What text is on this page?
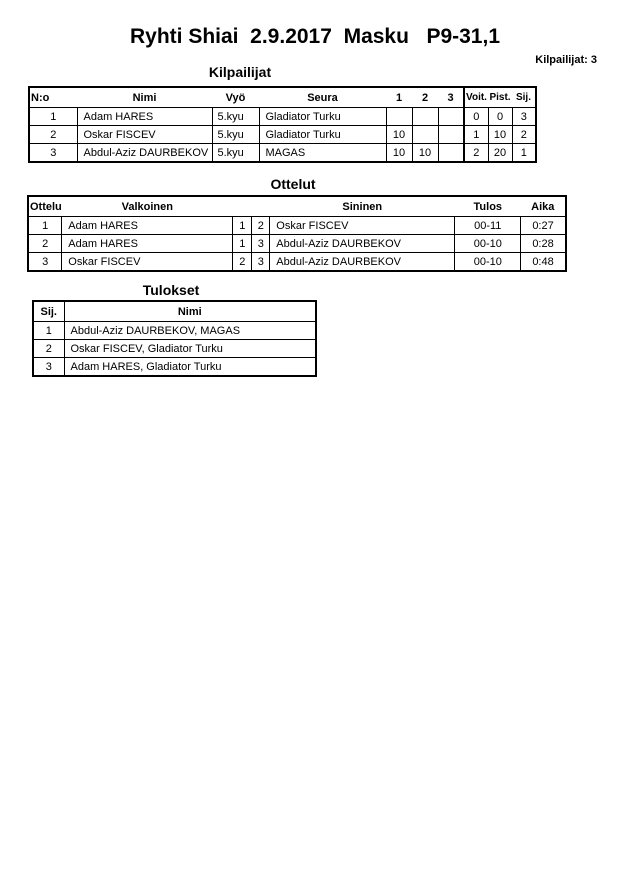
Ryhti Shiai  2.9.2017  Masku   P9-31,1
Kilpailijat: 3
Kilpailijat
N:o	Nimi	Vyö	Seura	1	2	3	Voit.	Pist.	Sij.
1	Adam HARES	5.kyu	Gladiator Turku				0	0	3
2	Oskar FISCEV	5.kyu	Gladiator Turku	10			1	10	2
3	Abdul-Aziz DAURBEKOV	5.kyu	MAGAS	10	10		2	20	1
Ottelut
Ottelu	Valkoinen			Sininen	Tulos	Aika
1	Adam HARES	1	2	Oskar FISCEV	00-11	0:27
2	Adam HARES	1	3	Abdul-Aziz DAURBEKOV	00-10	0:28
3	Oskar FISCEV	2	3	Abdul-Aziz DAURBEKOV	00-10	0:48
Tulokset
Sij.	Nimi
1	Abdul-Aziz DAURBEKOV, MAGAS
2	Oskar FISCEV, Gladiator Turku
3	Adam HARES, Gladiator Turku
